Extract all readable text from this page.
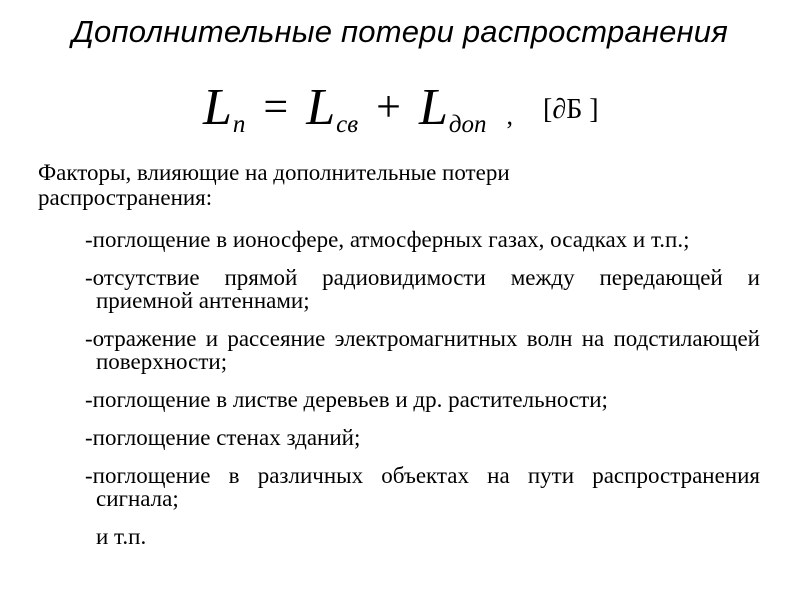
Дополнительные потери распространения
Lп = Lсв + Lдоп , [∂Б ]
Факторы, влияющие на дополнительные потери распространения:
-поглощение в ионосфере, атмосферных газах, осадках и т.п.;
-отсутствие прямой радиовидимости между передающей и приемной антеннами;
-отражение и рассеяние электромагнитных волн на подстилающей поверхности;
-поглощение в листве деревьев и др. растительности;
-поглощение стенах зданий;
-поглощение в различных объектах на пути распространения сигнала;
и т.п.
